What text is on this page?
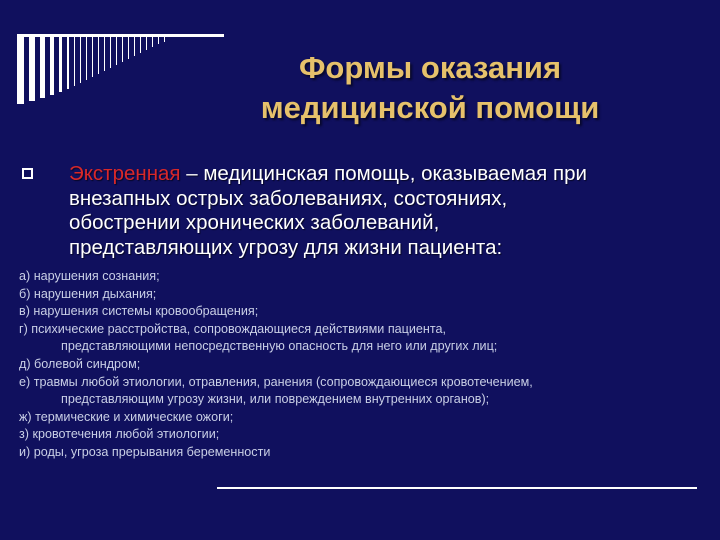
Формы оказания
медицинской помощи
Экстренная – медицинская помощь, оказываемая при
внезапных острых заболеваниях, состояниях,
обострении хронических заболеваний,
представляющих угрозу для жизни пациента:
а) нарушения сознания;
б) нарушения дыхания;
в) нарушения системы кровообращения;
г) психические расстройства, сопровождающиеся действиями пациента,
представляющими непосредственную опасность для него или других лиц;
д) болевой синдром;
е) травмы любой этиологии, отравления, ранения (сопровождающиеся кровотечением,
представляющим угрозу жизни, или повреждением внутренних органов);
ж) термические и химические ожоги;
з) кровотечения любой этиологии;
и) роды, угроза прерывания беременности
